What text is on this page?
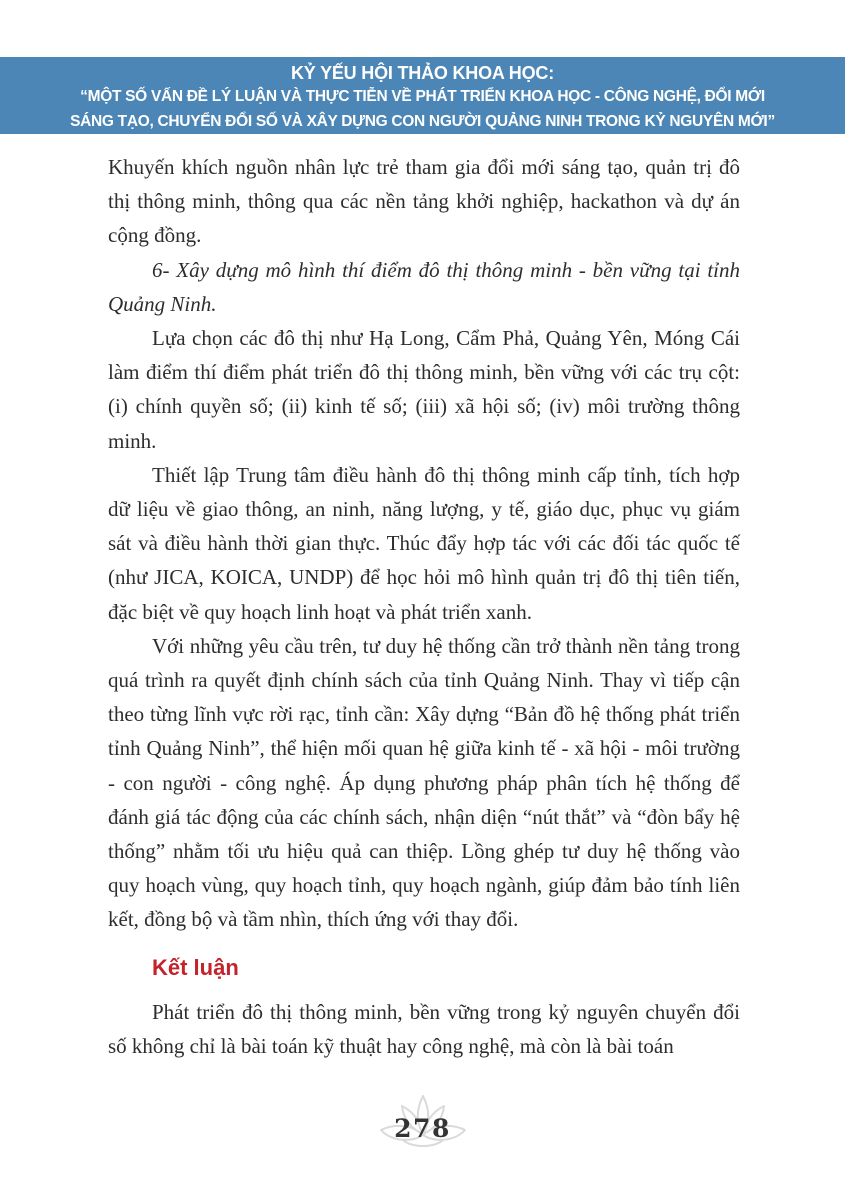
KỶ YẾU HỘI THẢO KHOA HỌC:
“MỘT SỐ VẤN ĐỀ LÝ LUẬN VÀ THỰC TIỄN VỀ PHÁT TRIỂN KHOA HỌC - CÔNG NGHỆ, ĐỔI MỚI
SÁNG TẠO, CHUYỂN ĐỔI SỐ VÀ XÂY DỰNG CON NGƯỜI QUẢNG NINH TRONG KỶ NGUYÊN MỚI”

Khuyến khích nguồn nhân lực trẻ tham gia đổi mới sáng tạo, quản trị đô thị thông minh, thông qua các nền tảng khởi nghiệp, hackathon và dự án cộng đồng.

6- Xây dựng mô hình thí điểm đô thị thông minh - bền vững tại tỉnh Quảng Ninh.

Lựa chọn các đô thị như Hạ Long, Cẩm Phả, Quảng Yên, Móng Cái làm điểm thí điểm phát triển đô thị thông minh, bền vững với các trụ cột: (i) chính quyền số; (ii) kinh tế số; (iii) xã hội số; (iv) môi trường thông minh.

Thiết lập Trung tâm điều hành đô thị thông minh cấp tỉnh, tích hợp dữ liệu về giao thông, an ninh, năng lượng, y tế, giáo dục, phục vụ giám sát và điều hành thời gian thực. Thúc đẩy hợp tác với các đối tác quốc tế (như JICA, KOICA, UNDP) để học hỏi mô hình quản trị đô thị tiên tiến, đặc biệt về quy hoạch linh hoạt và phát triển xanh.

Với những yêu cầu trên, tư duy hệ thống cần trở thành nền tảng trong quá trình ra quyết định chính sách của tỉnh Quảng Ninh. Thay vì tiếp cận theo từng lĩnh vực rời rạc, tỉnh cần: Xây dựng “Bản đồ hệ thống phát triển tỉnh Quảng Ninh”, thể hiện mối quan hệ giữa kinh tế - xã hội - môi trường - con người - công nghệ. Áp dụng phương pháp phân tích hệ thống để đánh giá tác động của các chính sách, nhận diện “nút thắt” và “đòn bẩy hệ thống” nhằm tối ưu hiệu quả can thiệp. Lồng ghép tư duy hệ thống vào quy hoạch vùng, quy hoạch tỉnh, quy hoạch ngành, giúp đảm bảo tính liên kết, đồng bộ và tầm nhìn, thích ứng với thay đổi.

Kết luận

Phát triển đô thị thông minh, bền vững trong kỷ nguyên chuyển đổi số không chỉ là bài toán kỹ thuật hay công nghệ, mà còn là bài toán

278
